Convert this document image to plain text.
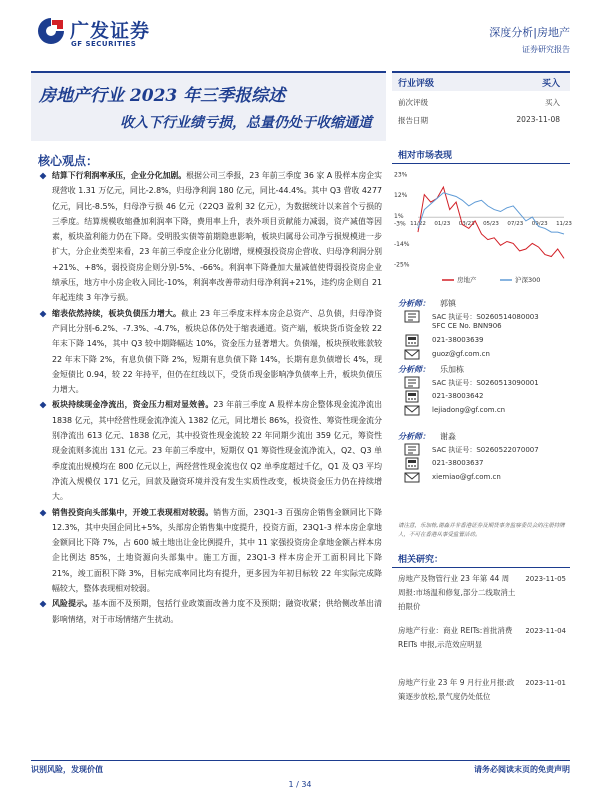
广发证券
GF SECURITIES
深度分析|房地产
证券研究报告
房地产行业 2023 年三季报综述
收入下行业绩亏损，总量仍处于收缩通道
行业评级	买入
前次评级	买入
报告日期	2023-11-08
相对市场表现
23%
12%
1%
-3%
-14%
-25%
11/22 01/23 03/23 05/23 07/23 09/23 11/23
房地产	沪深300
分析师： 郭镇
SAC 执证号：S0260514080003
SFC CE No. BNN906
021-38003639
guoz@gf.com.cn
分析师： 乐加栋
SAC 执证号：S0260513090001
021-38003642
lejiadong@gf.com.cn
分析师： 谢淼
SAC 执证号：S0260522070007
021-38003637
xiemiao@gf.com.cn
请注意，乐加栋,谢淼并非香港证券及期货事务监察委员会的注册持牌人，不可在香港从事受监管活动。
相关研究：
房地产及物管行业 23 年第 44 周周报:市场温和修复,部分二线取消土拍限价
2023-11-05
房地产行业：商业 REITs:首批消费 REITs 申报,示范效应明显
2023-11-04
房地产行业 23 年 9 月行业月报:政策逐步放松,景气度仍处低位
2023-11-01
核心观点：
结算下行利润率承压，企业分化加剧。根据公司三季报，23 年前三季度 36 家 A 股样本房企实现营收 1.31 万亿元，同比-2.8%，归母净利润 180 亿元，同比-44.4%。其中 Q3 营收 4277 亿元，同比-8.5%，归母净亏损 46 亿元（22Q3 盈利 32 亿元），为数据统计以来首个亏损的三季度。结算规模收缩叠加利润率下降，费用率上升，表外项目贡献能力减弱，资产减值等因素，板块盈利能力仍在下降。受明股实债等前期隐患影响，板块归属母公司净亏损规模进一步扩大，分企业类型来看，23 年前三季度企业分化剧增，规模强投资房企营收、归母净利润分别+21%、+8%，弱投资房企则分别-5%、-66%。利润率下降叠加大量减值使得弱投资房企业绩承压，地方中小房企收入同比-10%，利润率改善带动归母净利润+21%，违约房企则自 21 年起连续 3 年净亏损。
缩表依然持续，板块负债压力增大。截止 23 年三季度末样本房企总资产、总负债，归母净资产同比分别-6.2%、-7.3%、-4.7%，板块总体仍处于缩表通道。资产端，板块货币资金较 22 年末下降 14%，其中 Q3 较中期降幅达 10%，资金压力显著增大。负债端，板块预收账款较 22 年末下降 2%，有息负债下降 2%，短期有息负债下降 14%，长期有息负债增长 4%，现金短债比 0.94，较 22 年持平，但仍在红线以下，受货币现金影响净负债率上升，板块负债压力增大。
板块持续现金净流出，资金压力相对显效善。23 年前三季度 A 股样本房企整体现金流净流出 1838 亿元，其中经营性现金流净流入 1382 亿元，同比增长 86%，投资性、筹资性现金流分别净流出 613 亿元、1838 亿元，其中投资性现金流较 22 年同期少流出 359 亿元，筹资性现金流则多流出 131 亿元。23 年前三季度中，短期仅 Q1 筹资性现金流净流入，Q2、Q3 单季度流出规模均在 800 亿元以上，两经营性现金流也仅 Q2 单季度超过千亿，Q1 及 Q3 平均净流入规模仅 171 亿元，回款及融资环境并没有发生实质性改变，板块资金压力仍在持续增大。
销售投资向头部集中，开竣工表现相对较弱。销售方面，23Q1-3 百强房企销售金额同比下降 12.3%，其中央国企同比+5%，头部房企销售集中度提升，投资方面，23Q1-3 样本房企拿地金额同比下降 7%，占 600 城土地出让金比例提升，其中 11 家强投资房企拿地金额占样本房企比例达 85%，土地资源向头部集中。施工方面，23Q1-3 样本房企开工面积同比下降 21%，竣工面积下降 3%，目标完成率同比均有提升，更多因为年初目标较 22 年实际完成降幅较大，整体表现相对较弱。
风险提示。基本面不及预期，包括行业政策面改善力度不及预期；融资收紧；供给侧改革出清影响情绪，对于市场情绪产生扰动。
识别风险，发现价值	请务必阅读末页的免责声明
1 / 34
